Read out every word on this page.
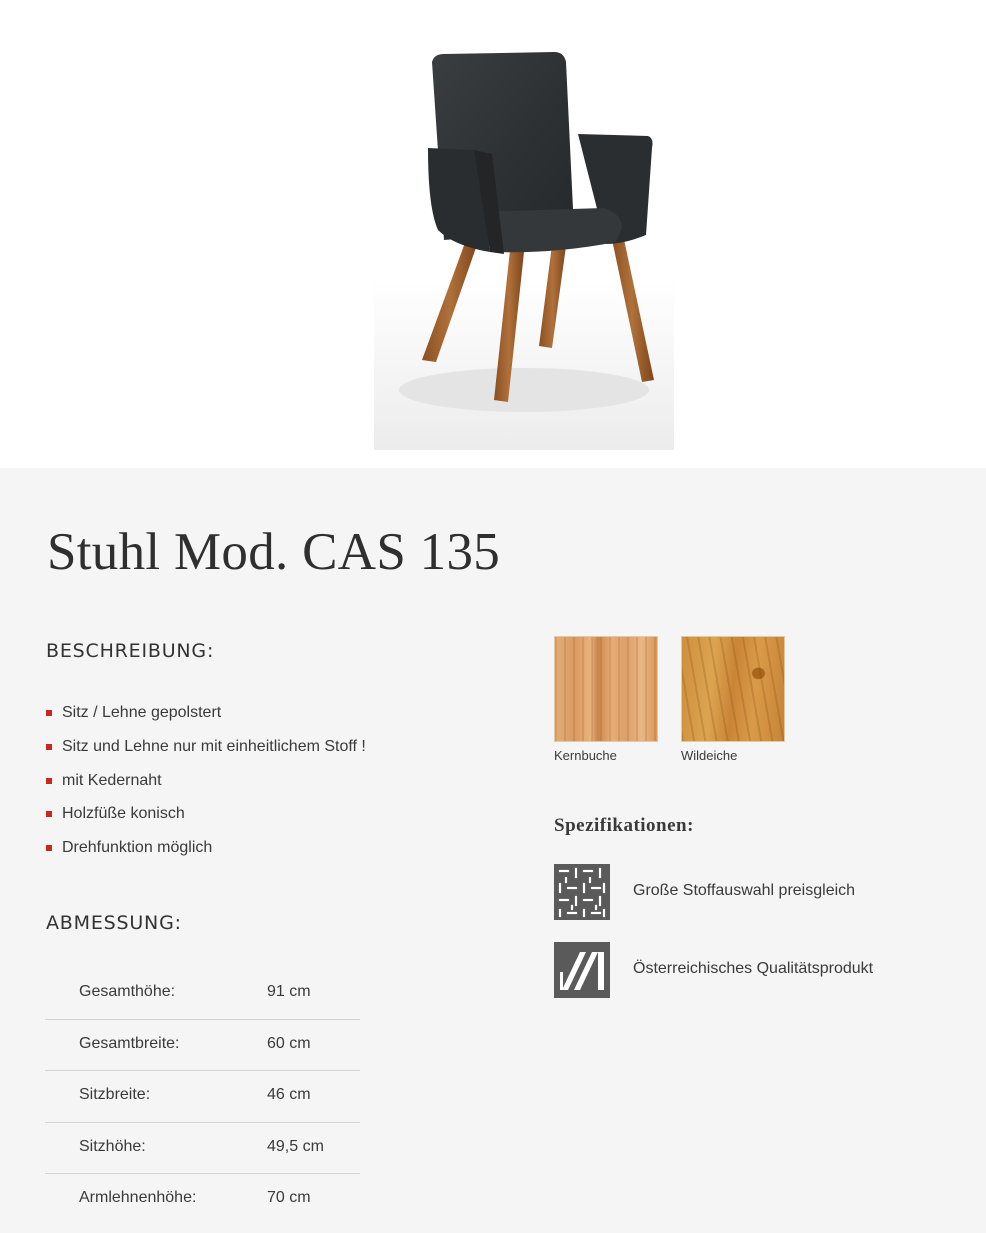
Stuhl Mod. CAS 135
BESCHREIBUNG:
Sitz / Lehne gepolstert
Sitz und Lehne nur mit einheitlichem Stoff !
mit Kedernaht
Holzfüße konisch
Drehfunktion möglich
ABMESSUNG:
Gesamthöhe:	91 cm
Gesamtbreite:	60 cm
Sitzbreite:	46 cm
Sitzhöhe:	49,5 cm
Armlehnenhöhe:	70 cm
Kernbuche	Wildeiche
Spezifikationen:
Große Stoffauswahl preisgleich
Österreichisches Qualitätsprodukt
